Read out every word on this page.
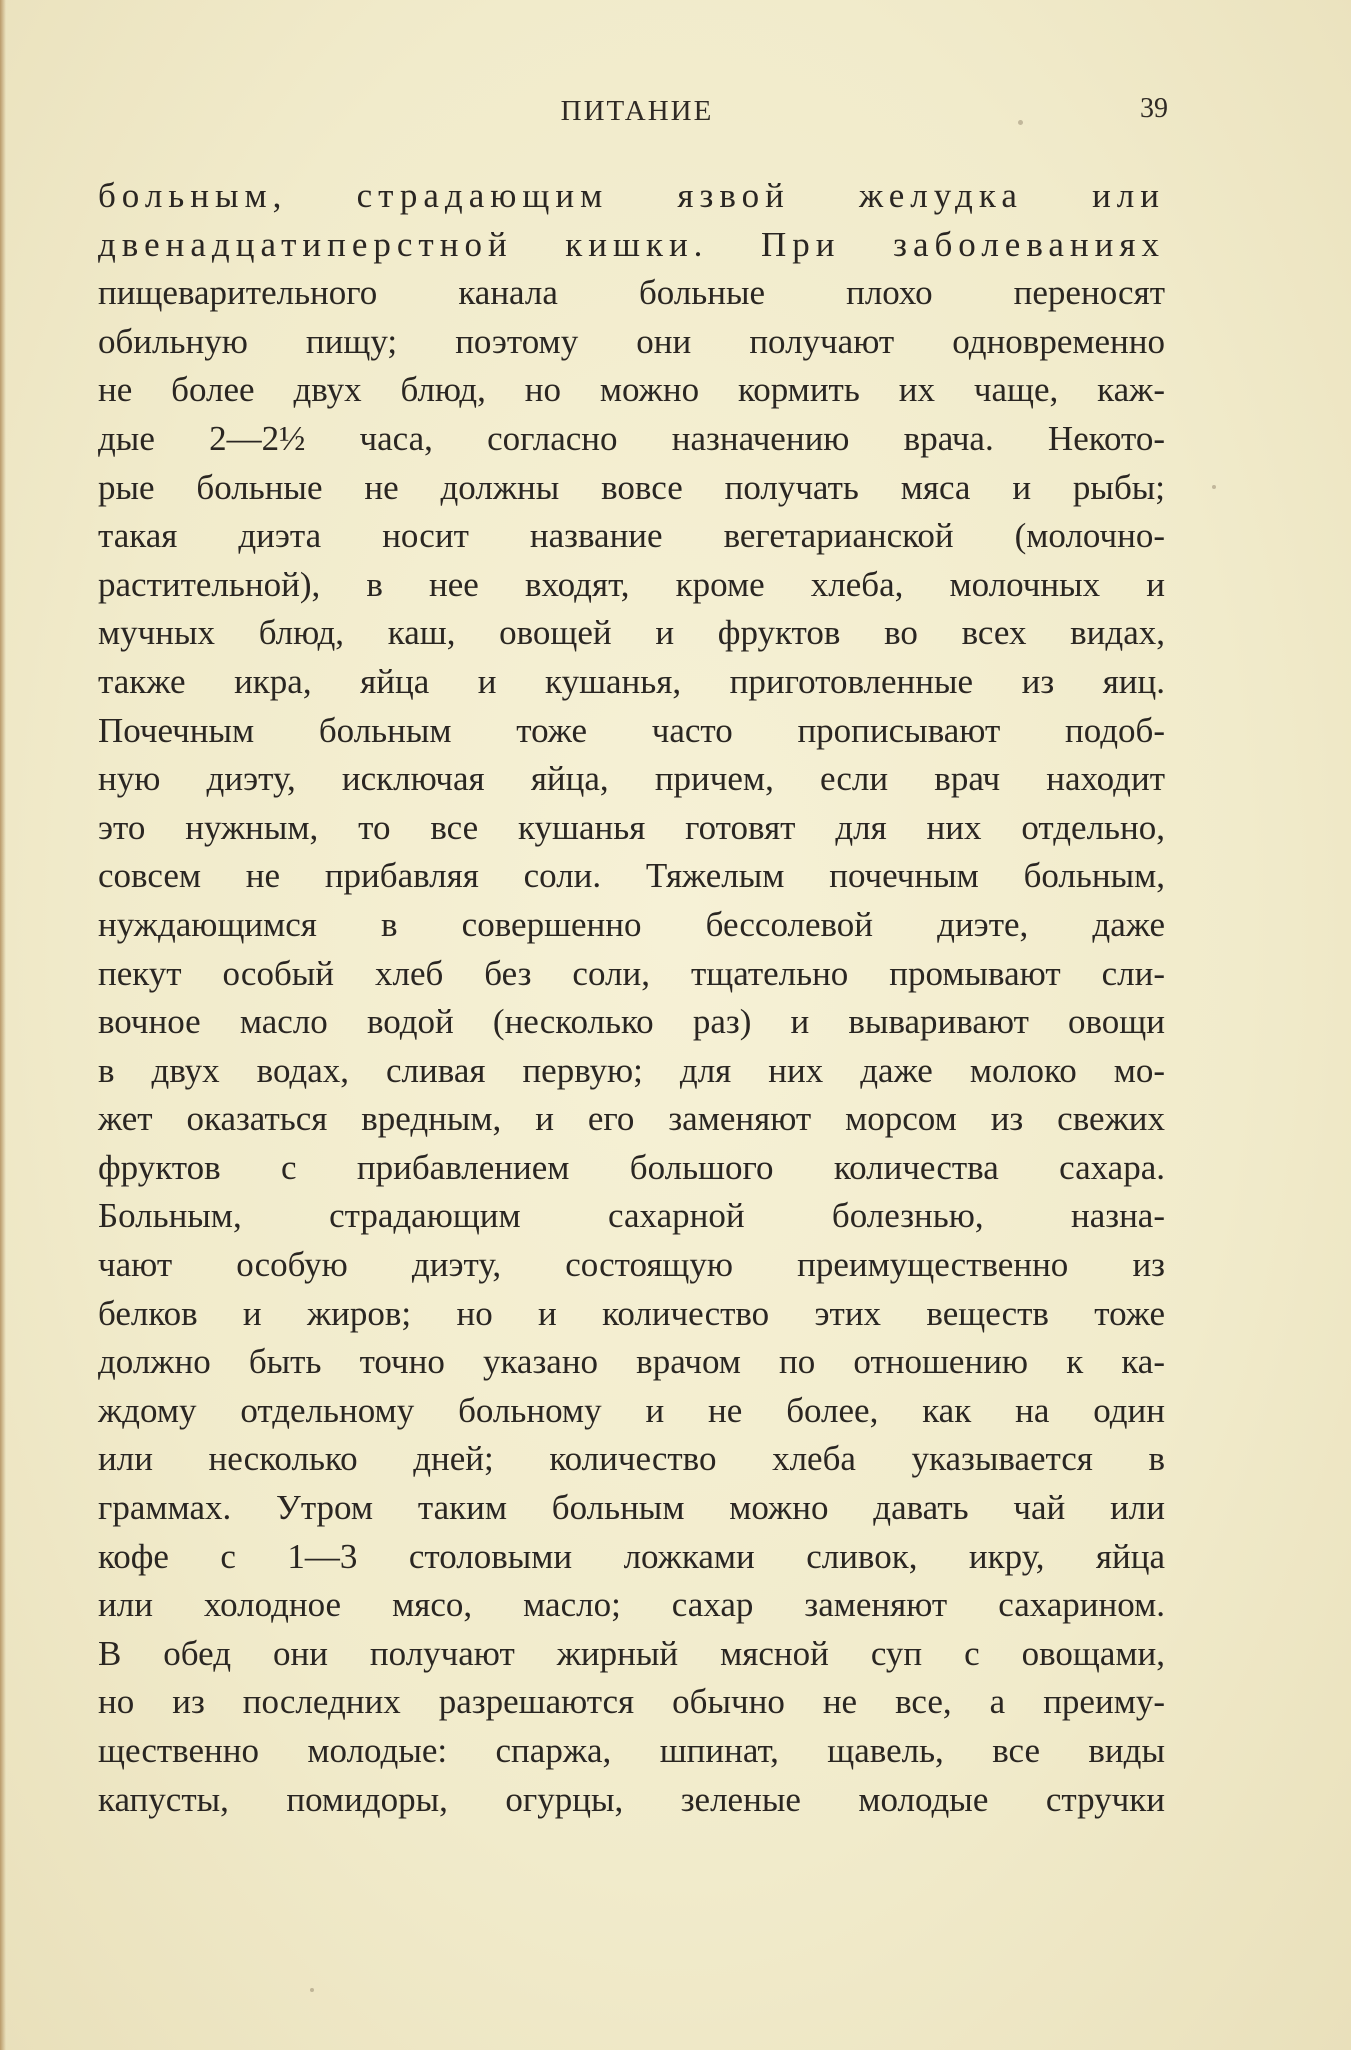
ПИТАНИЕ	39
больным, страдающим язвой желудка или
двенадцатиперстной кишки. При заболеваниях
пищеварительного канала больные плохо переносят
обильную пищу; поэтому они получают одновременно
не более двух блюд, но можно кормить их чаще, каж-
дые 2—2½ часа, согласно назначению врача. Некото-
рые больные не должны вовсе получать мяса и рыбы;
такая диэта носит название вегетарианской (молочно-
растительной), в нее входят, кроме хлеба, молочных и
мучных блюд, каш, овощей и фруктов во всех видах,
также икра, яйца и кушанья, приготовленные из яиц.
Почечным больным тоже часто прописывают подоб-
ную диэту, исключая яйца, причем, если врач находит
это нужным, то все кушанья готовят для них отдельно,
совсем не прибавляя соли. Тяжелым почечным больным,
нуждающимся в совершенно бессолевой диэте, даже
пекут особый хлеб без соли, тщательно промывают сли-
вочное масло водой (несколько раз) и вываривают овощи
в двух водах, сливая первую; для них даже молоко мо-
жет оказаться вредным, и его заменяют морсом из свежих
фруктов с прибавлением большого количества сахара.
Больным, страдающим сахарной болезнью, назна-
чают особую диэту, состоящую преимущественно из
белков и жиров; но и количество этих веществ тоже
должно быть точно указано врачом по отношению к ка-
ждому отдельному больному и не более, как на один
или несколько дней; количество хлеба указывается в
граммах. Утром таким больным можно давать чай или
кофе с 1—3 столовыми ложками сливок, икру, яйца
или холодное мясо, масло; сахар заменяют сахарином.
В обед они получают жирный мясной суп с овощами,
но из последних разрешаются обычно не все, а преиму-
щественно молодые: спаржа, шпинат, щавель, все виды
капусты, помидоры, огурцы, зеленые молодые стручки
